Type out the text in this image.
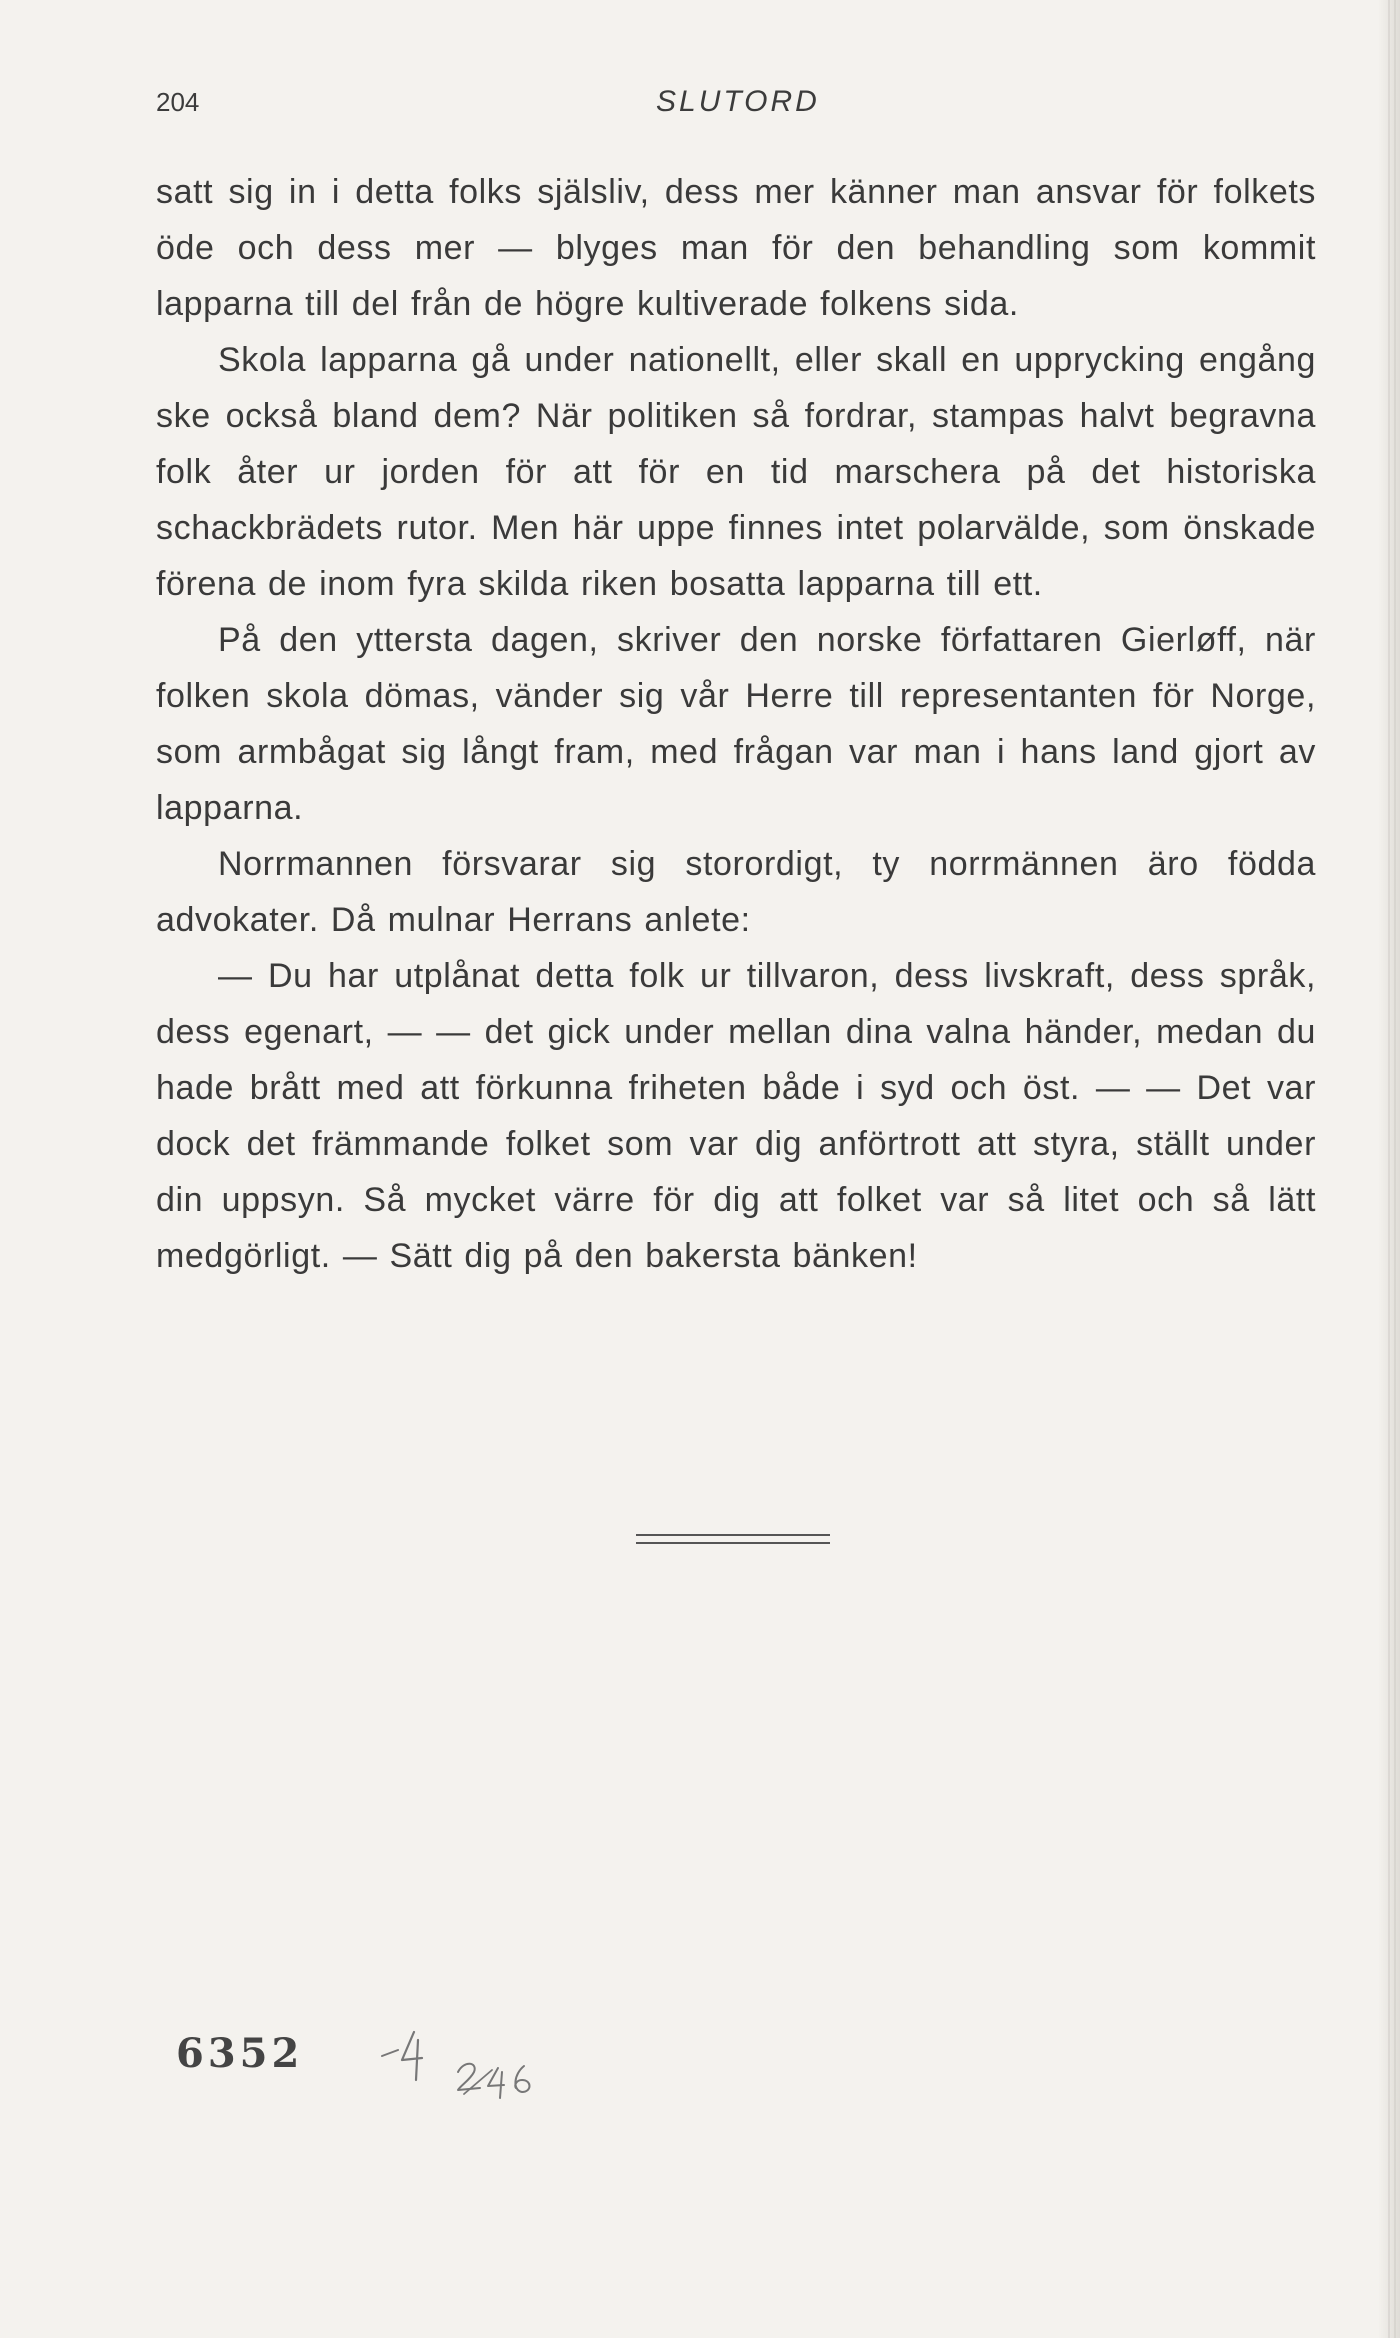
204	SLUTORD

satt sig in i detta folks själsliv, dess mer känner man ansvar för folkets öde och dess mer — blyges man för den behandling som kommit lapparna till del från de högre kultiverade folkens sida.

Skola lapparna gå under nationellt, eller skall en upprycking engång ske också bland dem? När politiken så fordrar, stampas halvt begravna folk åter ur jorden för att för en tid marschera på det historiska schackbrädets rutor. Men här uppe finnes intet polarvälde, som önskade förena de inom fyra skilda riken bosatta lapparna till ett.

På den yttersta dagen, skriver den norske författaren Gierløff, när folken skola dömas, vänder sig vår Herre till representanten för Norge, som armbågat sig långt fram, med frågan var man i hans land gjort av lapparna.

Norrmannen försvarar sig storordigt, ty norrmännen äro födda advokater. Då mulnar Herrans anlete:

— Du har utplånat detta folk ur tillvaron, dess livskraft, dess språk, dess egenart, — — det gick under mellan dina valna händer, medan du hade brått med att förkunna friheten både i syd och öst. — — Det var dock det främmande folket som var dig anförtrott att styra, ställt under din uppsyn. Så mycket värre för dig att folket var så litet och så lätt medgörligt. — Sätt dig på den bakersta bänken!

6352
